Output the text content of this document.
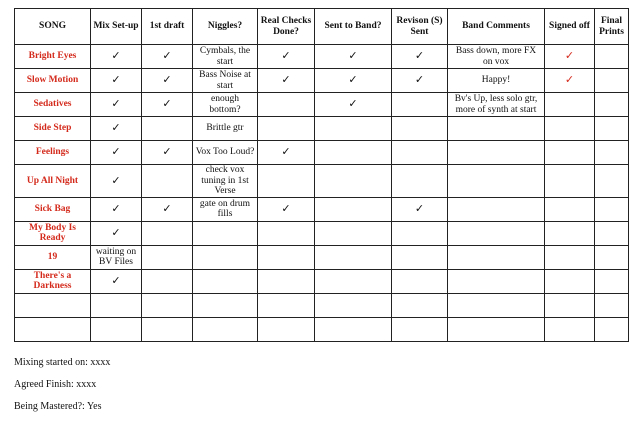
SONG	Mix Set-up	1st draft	Niggles?	Real Checks Done?	Sent to Band?	Revison (S) Sent	Band Comments	Signed off	Final Prints
Bright Eyes	✓	✓	Cymbals, the start	✓	✓	✓	Bass down, more FX on vox	✓	
Slow Motion	✓	✓	Bass Noise at start	✓	✓	✓	Happy!	✓	
Sedatives	✓	✓	enough bottom?		✓		Bv's Up, less solo gtr, more of synth at start		
Side Step	✓		Brittle gtr						
Feelings	✓	✓	Vox Too Loud?	✓					
Up All Night	✓		check vox tuning in 1st Verse						
Sick Bag	✓	✓	gate on drum fills	✓		✓			
My Body Is Ready	✓								
19	waiting on BV Files								
There's a Darkness	✓								

Mixing started on: xxxx
Agreed Finish: xxxx
Being Mastered?: Yes
